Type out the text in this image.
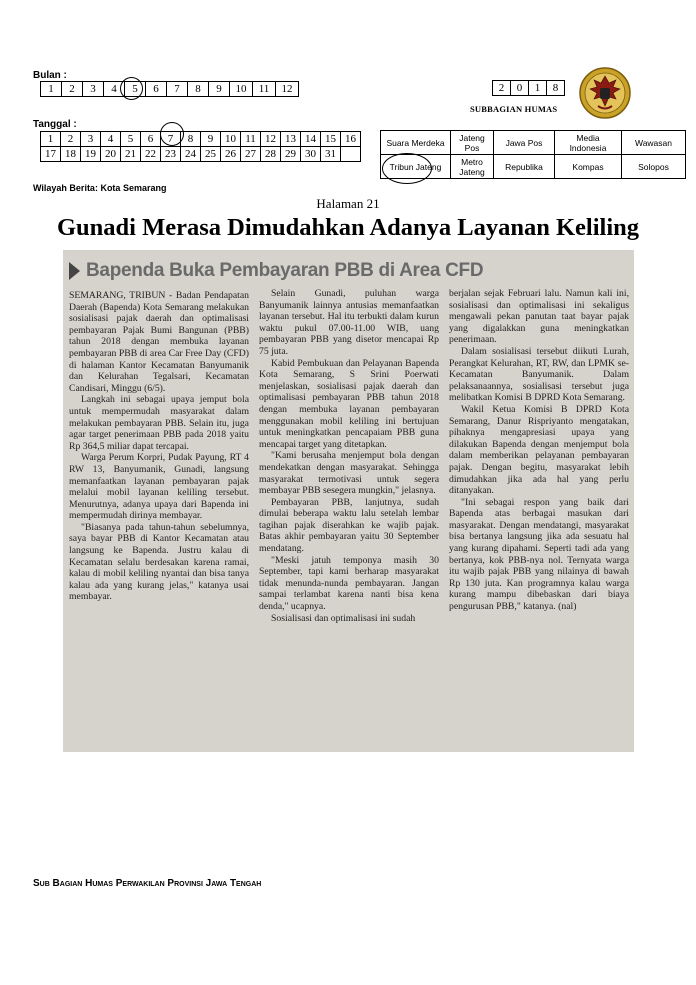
Bulan :
1	2	3	4	5	6	7	8	9	10	11	12
Tanggal :
1	2	3	4	5	6	7	8	9	10	11	12	13	14	15	16
17	18	19	20	21	22	23	24	25	26	27	28	29	30	31	
2	0	1	8
SUBBAGIAN HUMAS
Suara Merdeka	Jateng Pos	Jawa Pos	Media Indonesia	Wawasan
Tribun Jateng	Metro Jateng	Republika	Kompas	Solopos
Wilayah Berita: Kota Semarang
Halaman 21
Gunadi Merasa Dimudahkan Adanya Layanan Keliling
Bapenda Buka Pembayaran PBB di Area CFD

SEMARANG, TRIBUN - Badan Pendapatan Daerah (Bapenda) Kota Semarang melakukan sosialisasi pajak daerah dan optimalisasi pembayaran Pajak Bumi Bangunan (PBB) tahun 2018 dengan membuka layanan pembayaran PBB di area Car Free Day (CFD) di halaman Kantor Kecamatan Banyumanik dan Kelurahan Tegalsari, Kecamatan Candisari, Minggu (6/5).

Langkah ini sebagai upaya jemput bola untuk mempermudah masyarakat dalam melakukan pembayaran PBB. Selain itu, juga agar target penerimaan PBB pada 2018 yaitu Rp 364,5 miliar dapat tercapai.

Warga Perum Korpri, Pudak Payung, RT 4 RW 13, Banyumanik, Gunadi, langsung memanfaatkan layanan pembayaran pajak melalui mobil layanan keliling tersebut. Menurutnya, adanya upaya dari Bapenda ini mempermudah dirinya membayar.

"Biasanya pada tahun-tahun sebelumnya, saya bayar PBB di Kantor Kecamatan atau langsung ke Bapenda. Justru kalau di Kecamatan selalu berdesakan karena ramai, kalau di mobil keliling nyantai dan bisa tanya kalau ada yang kurang jelas," katanya usai membayar.

Selain Gunadi, puluhan warga Banyumanik lainnya antusias memanfaatkan layanan tersebut. Hal itu terbukti dalam kurun waktu pukul 07.00-11.00 WIB, uang pembayaran PBB yang disetor mencapai Rp 75 juta.

Kabid Pembukuan dan Pelayanan Bapenda Kota Semarang, S Srini Poerwati menjelaskan, sosialisasi pajak daerah dan optimalisasi pembayaran PBB tahun 2018 dengan membuka layanan pembayaran menggunakan mobil keliling ini bertujuan untuk meningkatkan pencapaiam PBB guna mencapai target yang ditetapkan.

"Kami berusaha menjemput bola dengan mendekatkan dengan masyarakat. Sehingga masyarakat termotivasi untuk segera membayar PBB sesegera mungkin," jelasnya.

Pembayaran PBB, lanjutnya, sudah dimulai beberapa waktu lalu setelah lembar tagihan pajak diserahkan ke wajib pajak. Batas akhir pembayaran yaitu 30 September mendatang.

"Meski jatuh temponya masih 30 September, tapi kami berharap masyarakat tidak menunda-nunda pembayaran. Jangan sampai terlambat karena nanti bisa kena denda," ucapnya.

Sosialisasi dan optimalisasi ini sudah

berjalan sejak Februari lalu. Namun kali ini, sosialisasi dan optimalisasi ini sekaligus mengawali pekan panutan taat bayar pajak yang digalakkan guna meningkatkan penerimaan.

Dalam sosialisasi tersebut diikuti Lurah, Perangkat Kelurahan, RT, RW, dan LPMK se-Kecamatan Banyumanik. Dalam pelaksanaannya, sosialisasi tersebut juga melibatkan Komisi B DPRD Kota Semarang.

Wakil Ketua Komisi B DPRD Kota Semarang, Danur Rispriyanto mengatakan, pihaknya mengapresiasi upaya yang dilakukan Bapenda dengan menjemput bola dalam memberikan pelayanan pembayaran pajak. Dengan begitu, masyarakat lebih dimudahkan jika ada hal yang perlu ditanyakan.

"Ini sebagai respon yang baik dari Bapenda atas berbagai masukan dari masyarakat. Dengan mendatangi, masyarakat bisa bertanya langsung jika ada sesuatu hal yang kurang dipahami. Seperti tadi ada yang bertanya, kok PBB-nya nol. Ternyata warga itu wajib pajak PBB yang nilainya di bawah Rp 130 juta. Kan programnya kalau warga kurang mampu dibebaskan dari biaya pengurusan PBB," katanya. (nal)

Sub Bagian Humas Perwakilan Provinsi Jawa Tengah
